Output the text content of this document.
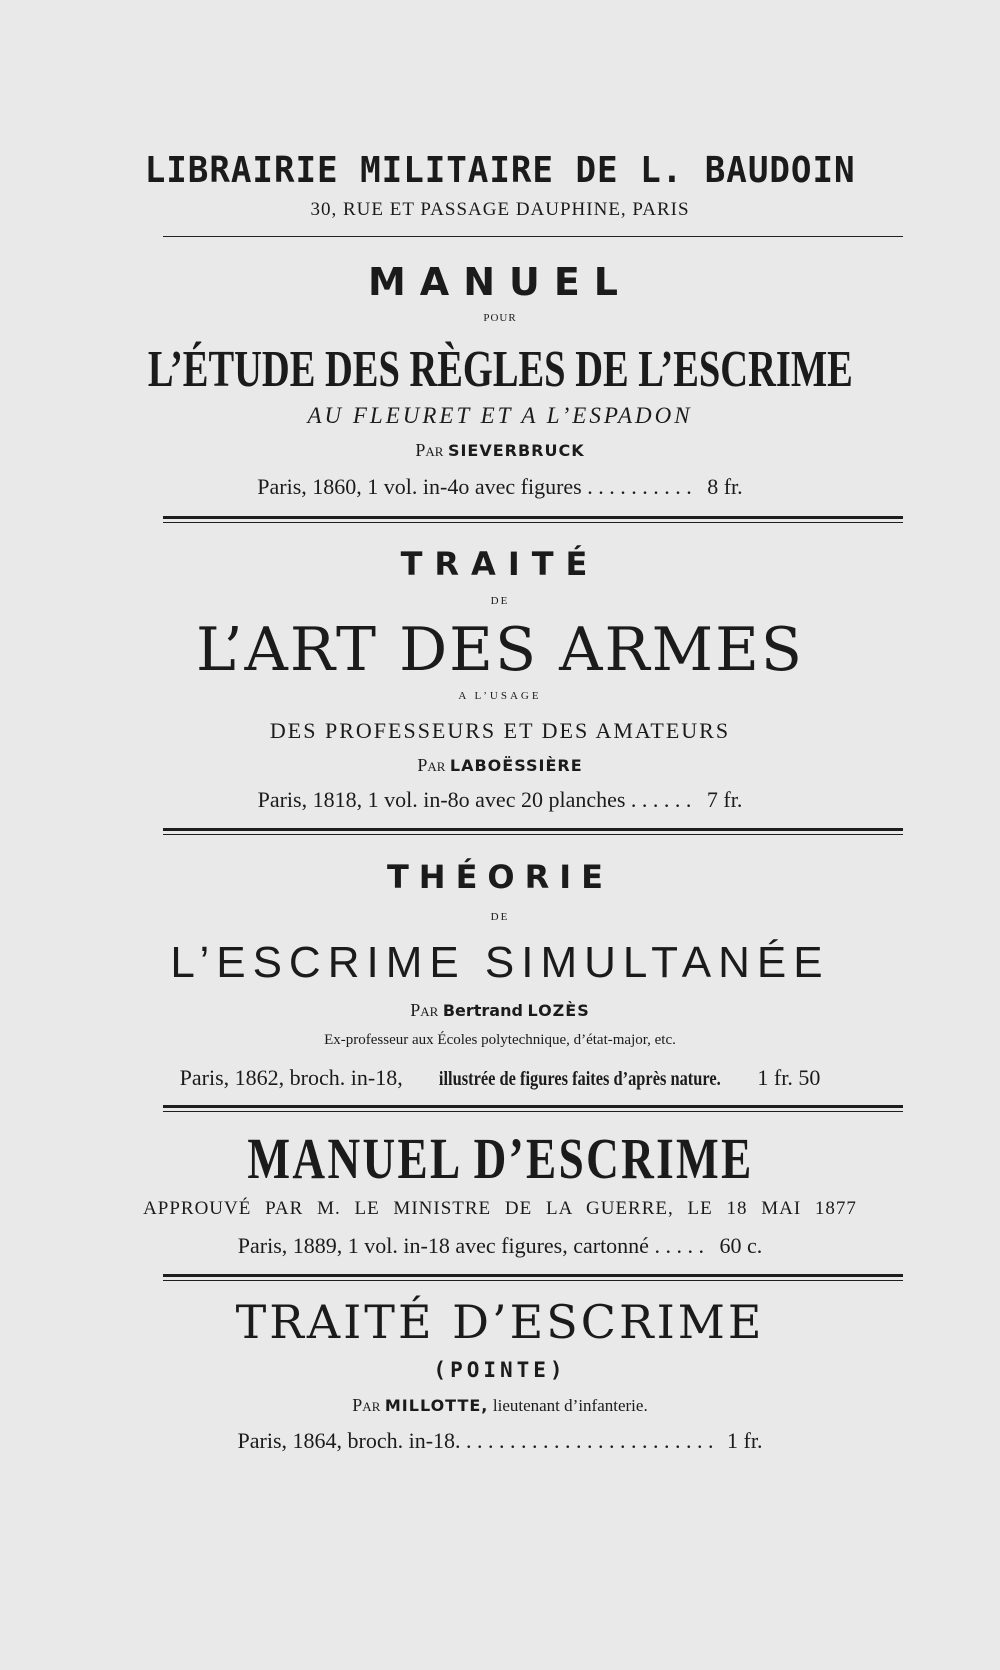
LIBRAIRIE MILITAIRE DE L. BAUDOIN
30, RUE ET PASSAGE DAUPHINE, PARIS
MANUEL
POUR
L’ÉTUDE DES RÈGLES DE L’ESCRIME
AU FLEURET ET A L’ESPADON
Par SIEVERBRUCK
Paris, 1860, 1 vol. in-4o avec figures . . . . . . . . . . 8 fr.
TRAITÉ
DE
L’ART DES ARMES
A L’USAGE
DES PROFESSEURS ET DES AMATEURS
Par LABOËSSIÈRE
Paris, 1818, 1 vol. in-8o avec 20 planches . . . . . . 7 fr.
THÉORIE
DE
L’ESCRIME SIMULTANÉE
Par Bertrand LOZÈS
Ex-professeur aux Écoles polytechnique, d’état-major, etc.
Paris, 1862, broch. in-18, illustrée de figures faites d’après nature. 1 fr. 50
MANUEL D’ESCRIME
APPROUVÉ PAR M. LE MINISTRE DE LA GUERRE, LE 18 MAI 1877
Paris, 1889, 1 vol. in-18 avec figures, cartonné . . . . . 60 c.
TRAITÉ D’ESCRIME
(POINTE)
Par MILLOTTE, lieutenant d’infanterie.
Paris, 1864, broch. in-18. . . . . . . . . . . . . . . . . . . . . . . . 1 fr.
